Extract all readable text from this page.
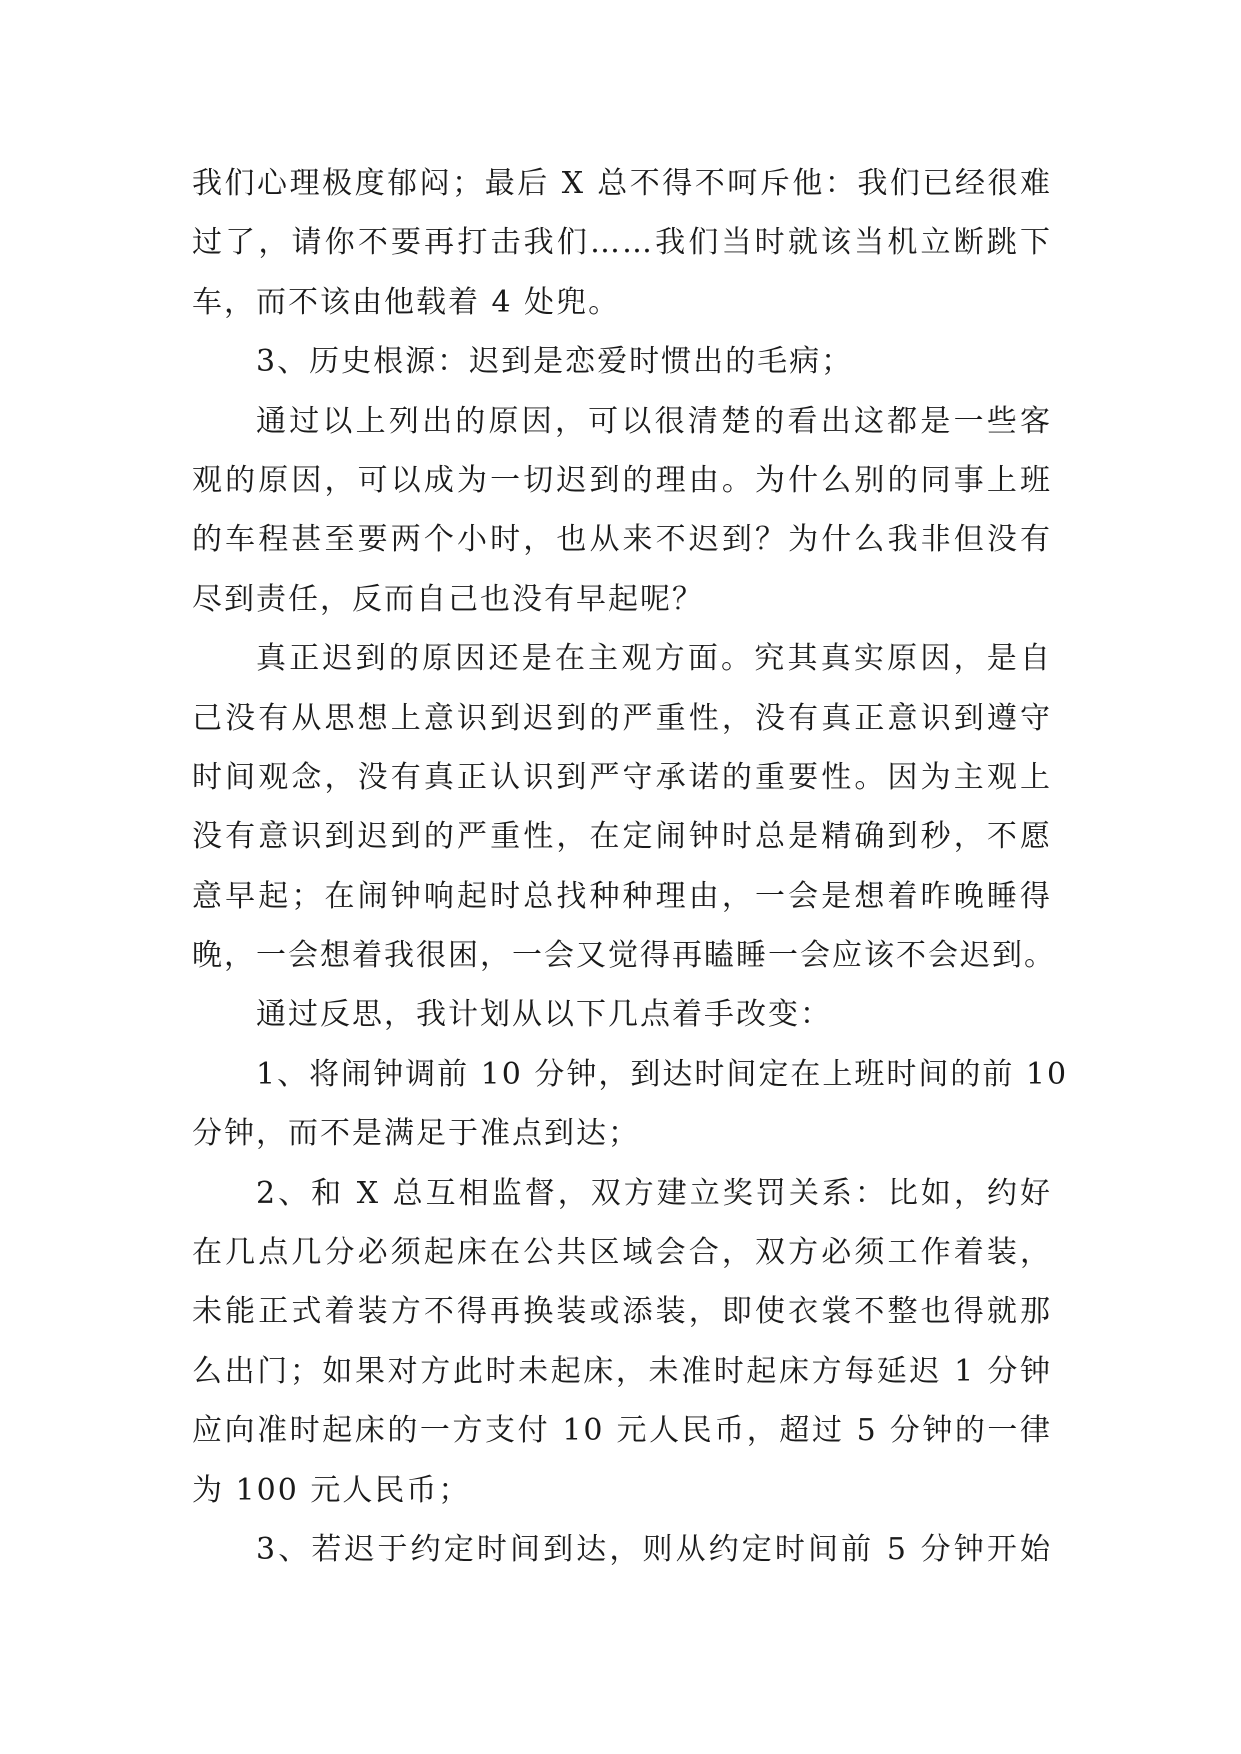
我们心理极度郁闷；最后 X 总不得不呵斥他：我们已经很难
过了，请你不要再打击我们……我们当时就该当机立断跳下
车，而不该由他载着 4 处兜。
3、历史根源：迟到是恋爱时惯出的毛病；
通过以上列出的原因，可以很清楚的看出这都是一些客
观的原因，可以成为一切迟到的理由。为什么别的同事上班
的车程甚至要两个小时，也从来不迟到？为什么我非但没有
尽到责任，反而自己也没有早起呢？
真正迟到的原因还是在主观方面。究其真实原因，是自
己没有从思想上意识到迟到的严重性，没有真正意识到遵守
时间观念，没有真正认识到严守承诺的重要性。因为主观上
没有意识到迟到的严重性，在定闹钟时总是精确到秒，不愿
意早起；在闹钟响起时总找种种理由，一会是想着昨晚睡得
晚，一会想着我很困，一会又觉得再瞌睡一会应该不会迟到。
通过反思，我计划从以下几点着手改变：
1、将闹钟调前 10 分钟，到达时间定在上班时间的前 10
分钟，而不是满足于准点到达；
2、和 X 总互相监督，双方建立奖罚关系：比如，约好
在几点几分必须起床在公共区域会合，双方必须工作着装，
未能正式着装方不得再换装或添装，即使衣裳不整也得就那
么出门；如果对方此时未起床，未准时起床方每延迟 1 分钟
应向准时起床的一方支付 10 元人民币，超过 5 分钟的一律
为 100 元人民币；
3、若迟于约定时间到达，则从约定时间前 5 分钟开始
